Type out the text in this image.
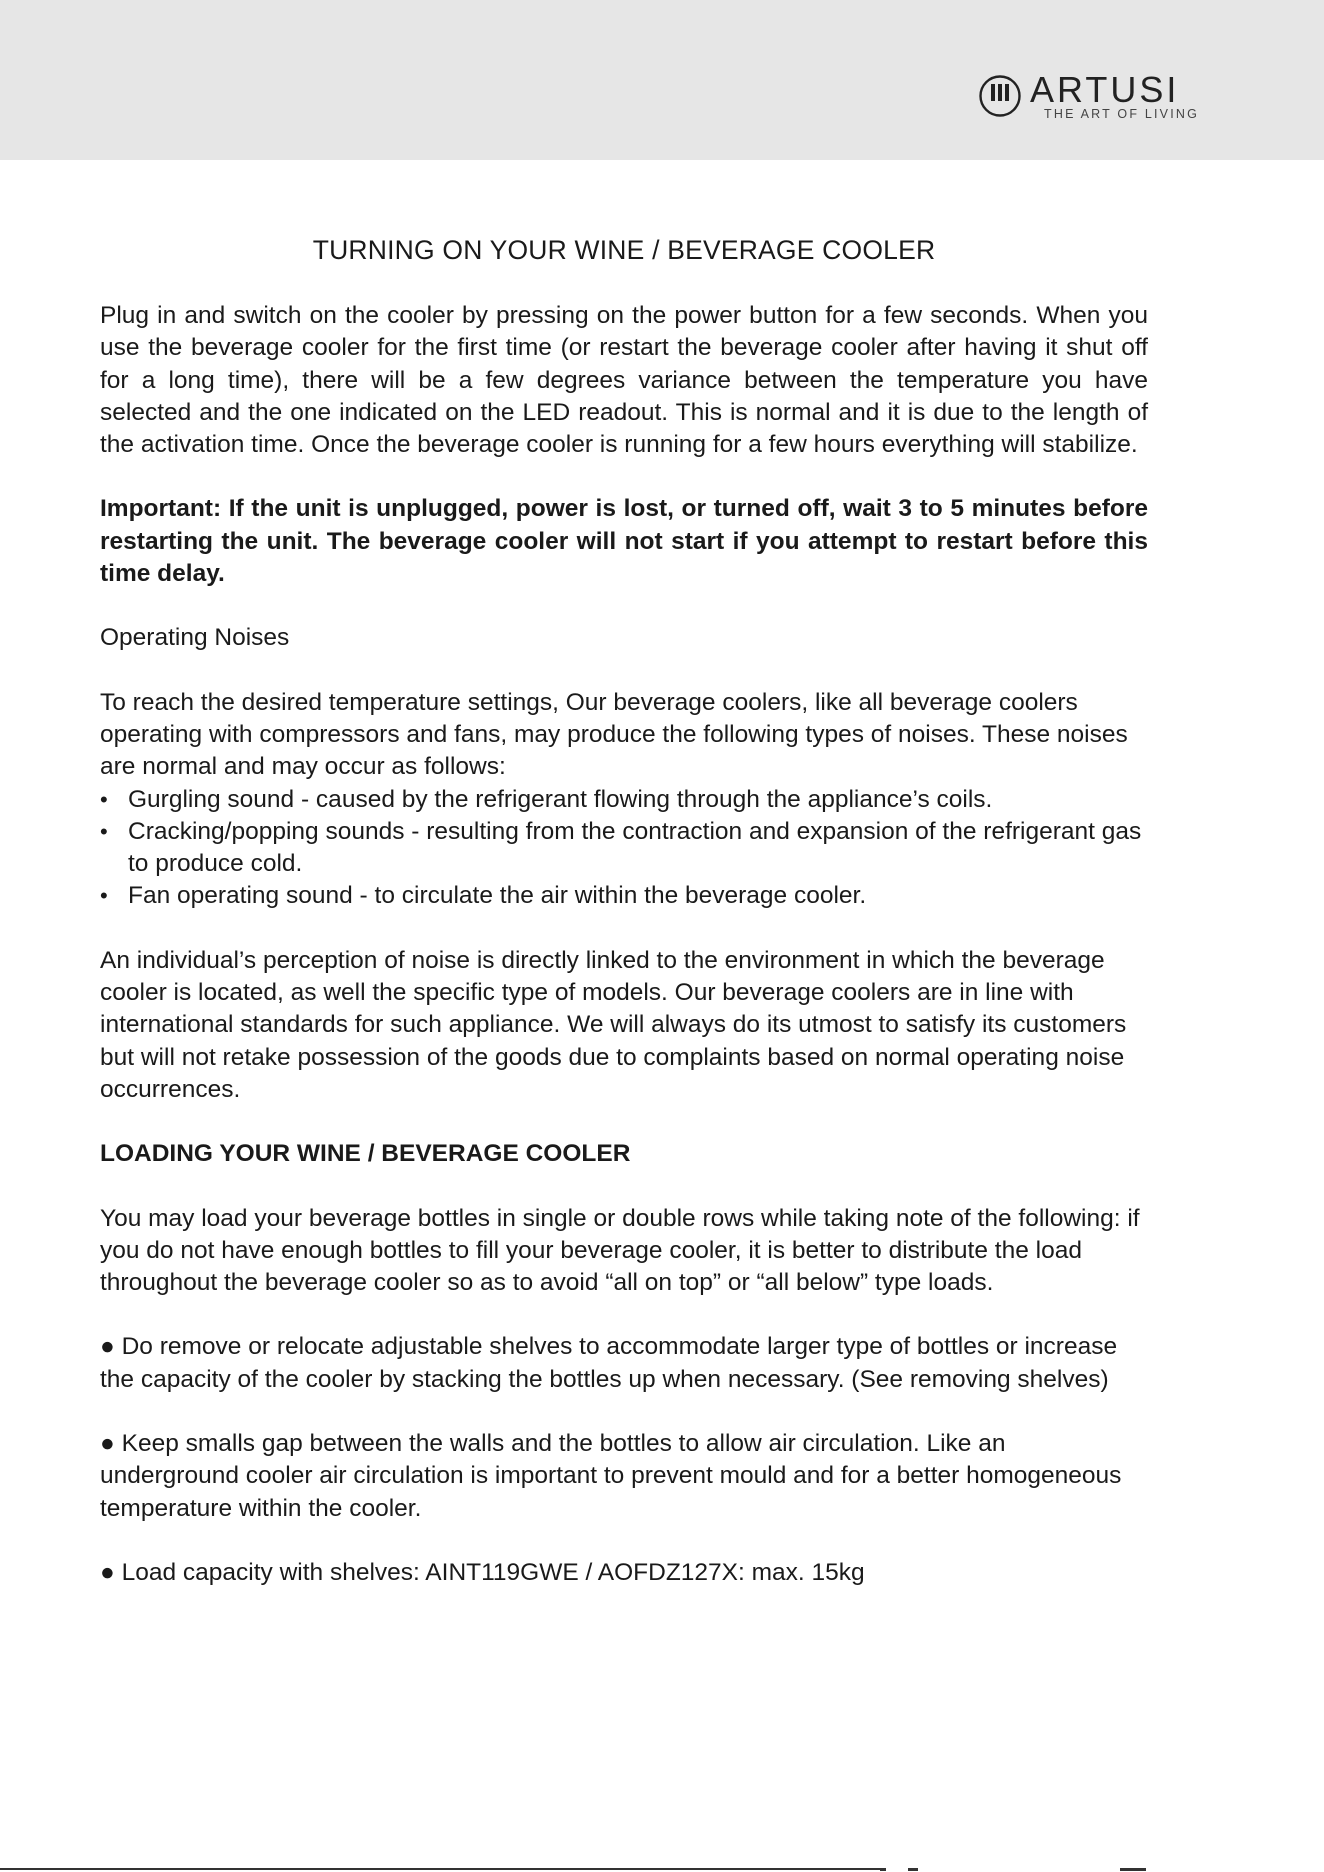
ARTUSI
THE ART OF LIVING

TURNING ON YOUR WINE / BEVERAGE COOLER

Plug in and switch on the cooler by pressing on the power button for a few seconds. When you use the beverage cooler for the first time (or restart the beverage cooler after having it shut off for a long time), there will be a few degrees variance between the temperature you have selected and the one indicated on the LED readout. This is normal and it is due to the length of the activation time. Once the beverage cooler is running for a few hours everything will stabilize.

Important: If the unit is unplugged, power is lost, or turned off, wait 3 to 5 minutes before restarting the unit. The beverage cooler will not start if you attempt to restart before this time delay.

Operating Noises

To reach the desired temperature settings, Our beverage coolers, like all beverage coolers operating with compressors and fans, may produce the following types of noises. These noises are normal and may occur as follows:

• Gurgling sound - caused by the refrigerant flowing through the appliance’s coils.
• Cracking/popping sounds - resulting from the contraction and expansion of the refrigerant gas to produce cold.
• Fan operating sound - to circulate the air within the beverage cooler.

An individual’s perception of noise is directly linked to the environment in which the beverage cooler is located, as well the specific type of models. Our beverage coolers are in line with international standards for such appliance. We will always do its utmost to satisfy its customers but will not retake possession of the goods due to complaints based on normal operating noise occurrences.

LOADING YOUR WINE / BEVERAGE COOLER

You may load your beverage bottles in single or double rows while taking note of the following: if you do not have enough bottles to fill your beverage cooler, it is better to distribute the load throughout the beverage cooler so as to avoid “all on top” or “all below” type loads.

● Do remove or relocate adjustable shelves to accommodate larger type of bottles or increase the capacity of the cooler by stacking the bottles up when necessary. (See removing shelves)

● Keep smalls gap between the walls and the bottles to allow air circulation. Like an underground cooler air circulation is important to prevent mould and for a better homogeneous temperature within the cooler.

● Load capacity with shelves: AINT119GWE / AOFDZ127X: max. 15kg
